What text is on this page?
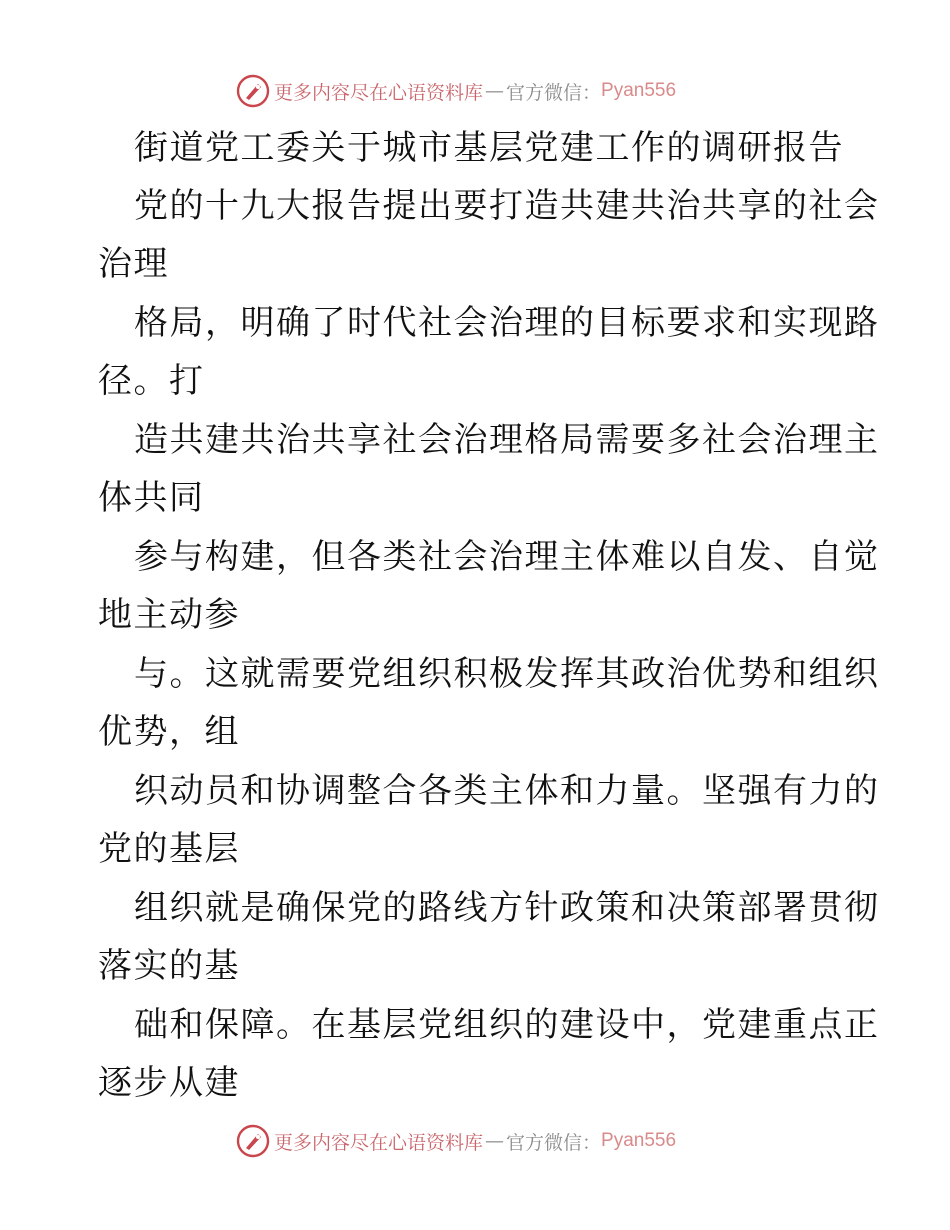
更多内容尽在心语资料库 — 官方微信： Pyan556
街道党工委关于城市基层党建工作的调研报告
党的十九大报告提出要打造共建共治共享的社会
治理
格局，明确了时代社会治理的目标要求和实现路
径。打
造共建共治共享社会治理格局需要多社会治理主
体共同
参与构建，但各类社会治理主体难以自发、自觉
地主动参
与。这就需要党组织积极发挥其政治优势和组织
优势，组
织动员和协调整合各类主体和力量。坚强有力的
党的基层
组织就是确保党的路线方针政策和决策部署贯彻
落实的基
础和保障。在基层党组织的建设中，党建重点正
逐步从建
更多内容尽在心语资料库 — 官方微信： Pyan556
